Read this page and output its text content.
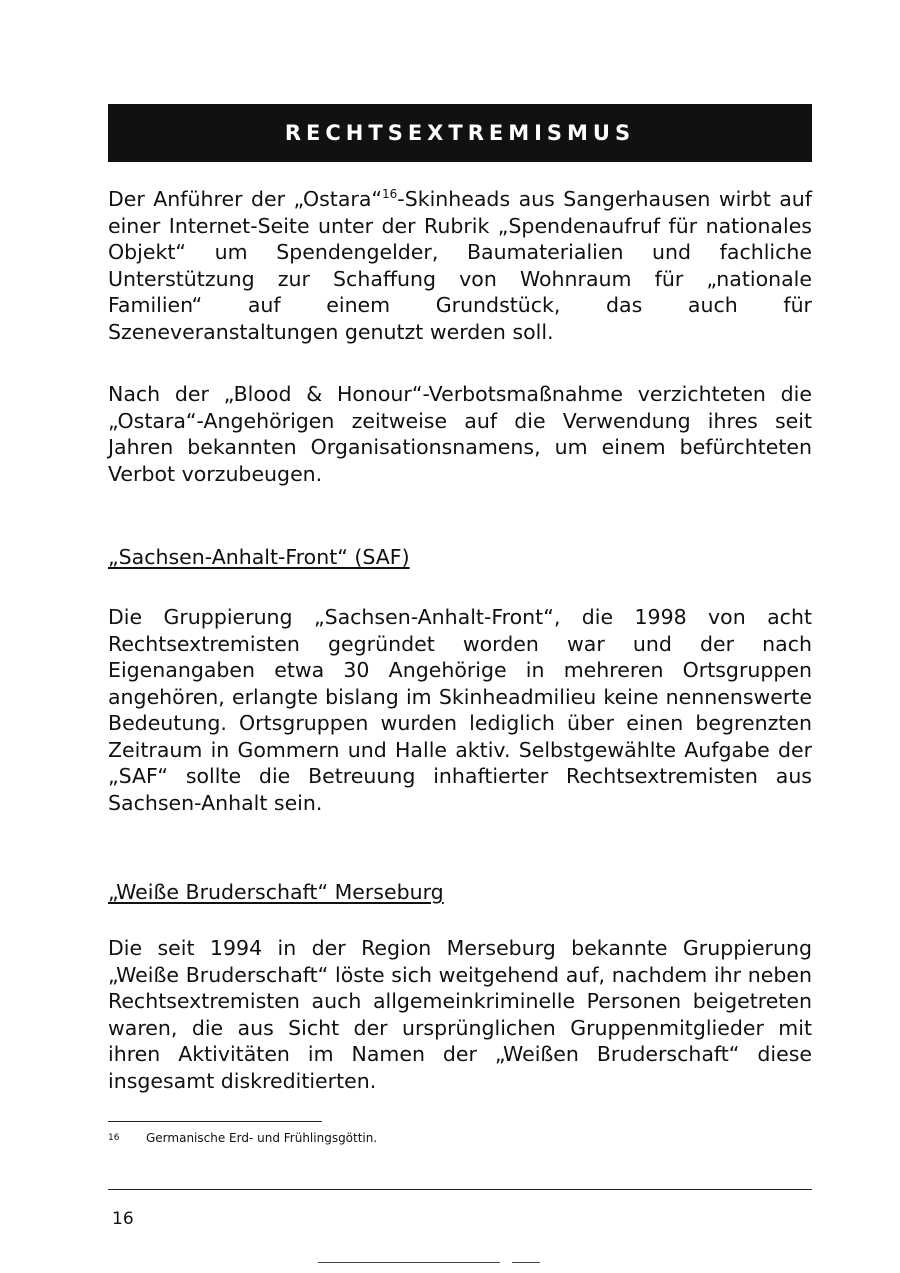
RECHTSEXTREMISMUS

Der Anführer der „Ostara“$^{16}$-Skinheads aus Sangerhausen wirbt auf einer Internet-Seite unter der Rubrik „Spendenaufruf für nationales Objekt“ um Spendengelder, Baumaterialien und fachliche Unterstützung zur Schaffung von Wohnraum für „nationale Familien“ auf einem Grundstück, das auch für Szeneveranstaltungen genutzt werden soll.

Nach der „Blood & Honour“-Verbotsmaßnahme verzichteten die „Ostara“-Angehörigen zeitweise auf die Verwendung ihres seit Jahren bekannten Organisationsnamens, um einem befürchteten Verbot vorzubeugen.

„Sachsen-Anhalt-Front“ (SAF)

Die Gruppierung „Sachsen-Anhalt-Front“, die 1998 von acht Rechtsextremisten gegründet worden war und der nach Eigenangaben etwa 30 Angehörige in mehreren Ortsgruppen angehören, erlangte bislang im Skinheadmilieu keine nennenswerte Bedeutung. Ortsgruppen wurden lediglich über einen begrenzten Zeitraum in Gommern und Halle aktiv. Selbstgewählte Aufgabe der „SAF“ sollte die Betreuung inhaftierter Rechtsextremisten aus Sachsen-Anhalt sein.

„Weiße Bruderschaft“ Merseburg

Die seit 1994 in der Region Merseburg bekannte Gruppierung „Weiße Bruderschaft“ löste sich weitgehend auf, nachdem ihr neben Rechtsextremisten auch allgemeinkriminelle Personen beigetreten waren, die aus Sicht der ursprünglichen Gruppenmitglieder mit ihren Aktivitäten im Namen der „Weißen Bruderschaft“ diese insgesamt diskreditierten.

16	Germanische Erd- und Frühlingsgöttin.
16
